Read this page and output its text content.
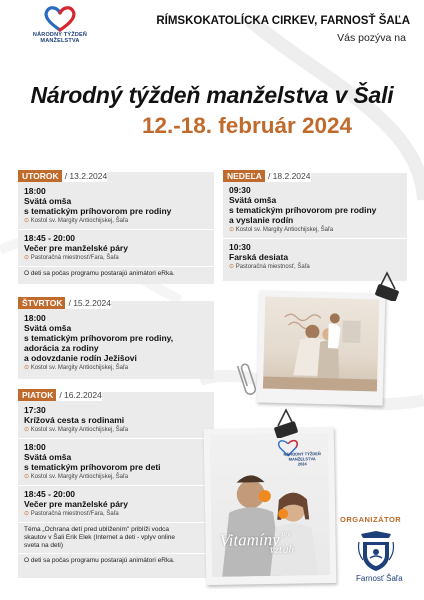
NÁRODNÝ TÝŽDEŇ
MANŽELSTVA
RÍMSKOKATOLÍCKA CIRKEV, FARNOSŤ ŠAĽA
Vás pozýva na
Národný týždeň manželstva v Šali
12.-18. február 2024
UTOROK / 13.2.2024
18:00
Svätá omša
s tematickým príhovorom pre rodiny
⊙ Kostol sv. Margity Antiochijskej, Šaľa
18:45 - 20:00
Večer pre manželské páry
⊙ Pastoračná miestnosť/Fara, Šaľa
O deti sa počas programu postarajú animátori eRka.
NEDEĽA / 18.2.2024
09:30
Svätá omša
s tematickým príhovorom pre rodiny
a vyslanie rodín
⊙ Kostol sv. Margity Antiochijskej, Šaľa
10:30
Farská desiata
⊙ Pastoračná miestnosť, Šaľa
ŠTVRTOK / 15.2.2024
18:00
Svätá omša
s tematickým príhovorom pre rodiny,
adorácia za rodiny
a odovzdanie rodín Ježišovi
⊙ Kostol sv. Margity Antiochijskej, Šaľa
PIATOK / 16.2.2024
17:30
Krížová cesta s rodinami
⊙ Kostol sv. Margity Antiochijskej, Šaľa
18:00
Svätá omša
s tematickým príhovorom pre deti
⊙ Kostol sv. Margity Antiochijskej, Šaľa
18:45 - 20:00
Večer pre manželské páry
⊙ Pastoračná miestnosť/Fara, Šaľa
Téma „Ochrana detí pred ublížením" priblíži vodca
skautov v Šali Erik Elek (Internet a deti - vplyv online
sveta na deti)
O deti sa počas programu postarajú animátori eRka.
NÁRODNÝ TÝŽDEŇ
MANŽELSTVA
2024
Vitamíny $^{pre}$
vzťah
ORGANIZÁTOR
Farnosť Šaľa
